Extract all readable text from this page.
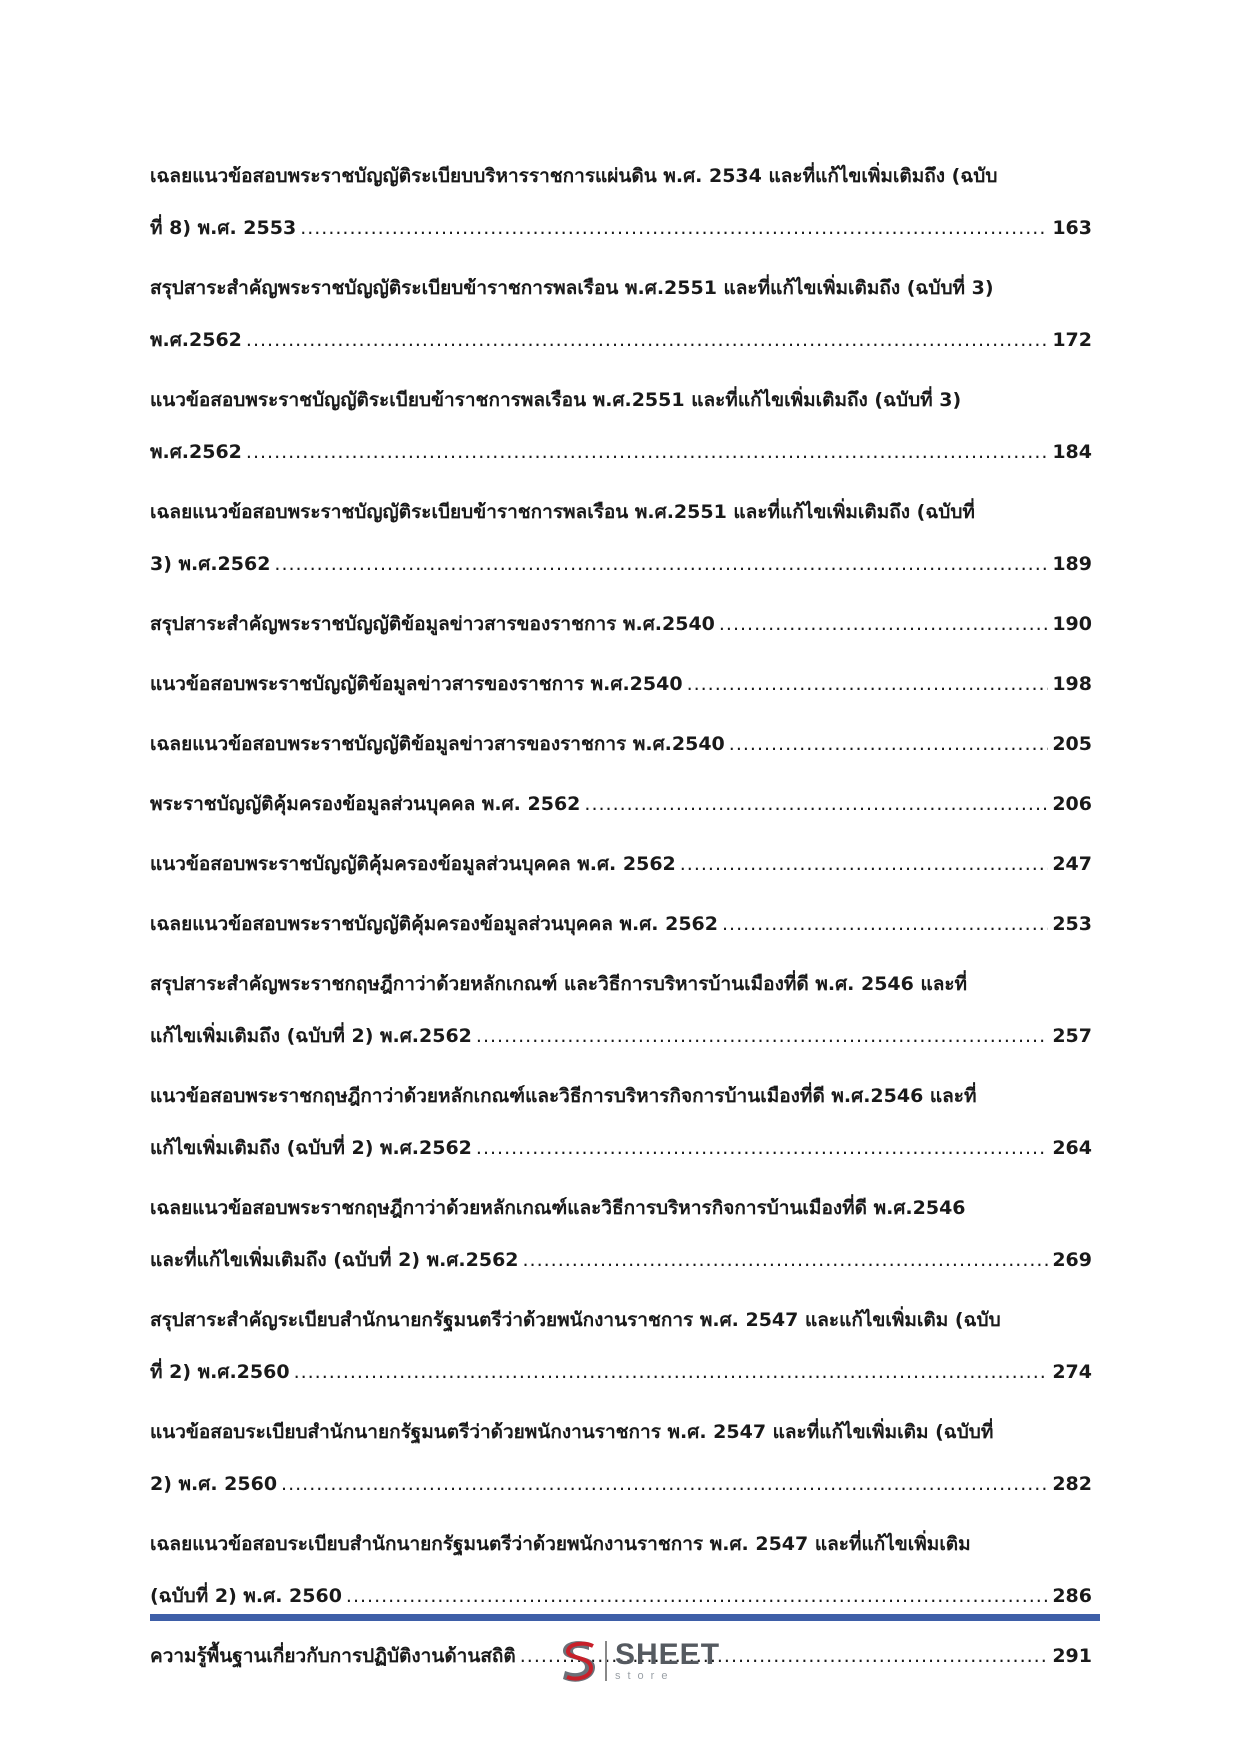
เฉลยแนวข้อสอบพระราชบัญญัติระเบียบบริหารราชการแผ่นดิน พ.ศ. 2534 และที่แก้ไขเพิ่มเติมถึง (ฉบับ
ที่ 8) พ.ศ. 2553 .....	163
สรุปสาระสำคัญพระราชบัญญัติระเบียบข้าราชการพลเรือน พ.ศ.2551 และที่แก้ไขเพิ่มเติมถึง (ฉบับที่ 3)
พ.ศ.2562 .....	172
แนวข้อสอบพระราชบัญญัติระเบียบข้าราชการพลเรือน พ.ศ.2551 และที่แก้ไขเพิ่มเติมถึง (ฉบับที่ 3)
พ.ศ.2562 .....	184
เฉลยแนวข้อสอบพระราชบัญญัติระเบียบข้าราชการพลเรือน พ.ศ.2551 และที่แก้ไขเพิ่มเติมถึง (ฉบับที่
3) พ.ศ.2562 .....	189
สรุปสาระสำคัญพระราชบัญญัติข้อมูลข่าวสารของราชการ พ.ศ.2540 .....	190
แนวข้อสอบพระราชบัญญัติข้อมูลข่าวสารของราชการ พ.ศ.2540 .....	198
เฉลยแนวข้อสอบพระราชบัญญัติข้อมูลข่าวสารของราชการ พ.ศ.2540 .....	205
พระราชบัญญัติคุ้มครองข้อมูลส่วนบุคคล พ.ศ. 2562 .....	206
แนวข้อสอบพระราชบัญญัติคุ้มครองข้อมูลส่วนบุคคล พ.ศ. 2562 .....	247
เฉลยแนวข้อสอบพระราชบัญญัติคุ้มครองข้อมูลส่วนบุคคล พ.ศ. 2562 .....	253
สรุปสาระสำคัญพระราชกฤษฎีกาว่าด้วยหลักเกณฑ์ และวิธีการบริหารบ้านเมืองที่ดี พ.ศ. 2546 และที่
แก้ไขเพิ่มเติมถึง (ฉบับที่ 2) พ.ศ.2562 .....	257
แนวข้อสอบพระราชกฤษฎีกาว่าด้วยหลักเกณฑ์และวิธีการบริหารกิจการบ้านเมืองที่ดี พ.ศ.2546 และที่
แก้ไขเพิ่มเติมถึง (ฉบับที่ 2) พ.ศ.2562 .....	264
เฉลยแนวข้อสอบพระราชกฤษฎีกาว่าด้วยหลักเกณฑ์และวิธีการบริหารกิจการบ้านเมืองที่ดี พ.ศ.2546
และที่แก้ไขเพิ่มเติมถึง (ฉบับที่ 2) พ.ศ.2562 .....	269
สรุปสาระสำคัญระเบียบสำนักนายกรัฐมนตรีว่าด้วยพนักงานราชการ พ.ศ. 2547 และแก้ไขเพิ่มเติม (ฉบับ
ที่ 2) พ.ศ.2560 .....	274
แนวข้อสอบระเบียบสำนักนายกรัฐมนตรีว่าด้วยพนักงานราชการ พ.ศ. 2547 และที่แก้ไขเพิ่มเติม (ฉบับที่
2) พ.ศ. 2560 .....	282
เฉลยแนวข้อสอบระเบียบสำนักนายกรัฐมนตรีว่าด้วยพนักงานราชการ พ.ศ. 2547 และที่แก้ไขเพิ่มเติม
(ฉบับที่ 2) พ.ศ. 2560 .....	286
ความรู้พื้นฐานเกี่ยวกับการปฏิบัติงานด้านสถิติ .....	291
SHEET
store
